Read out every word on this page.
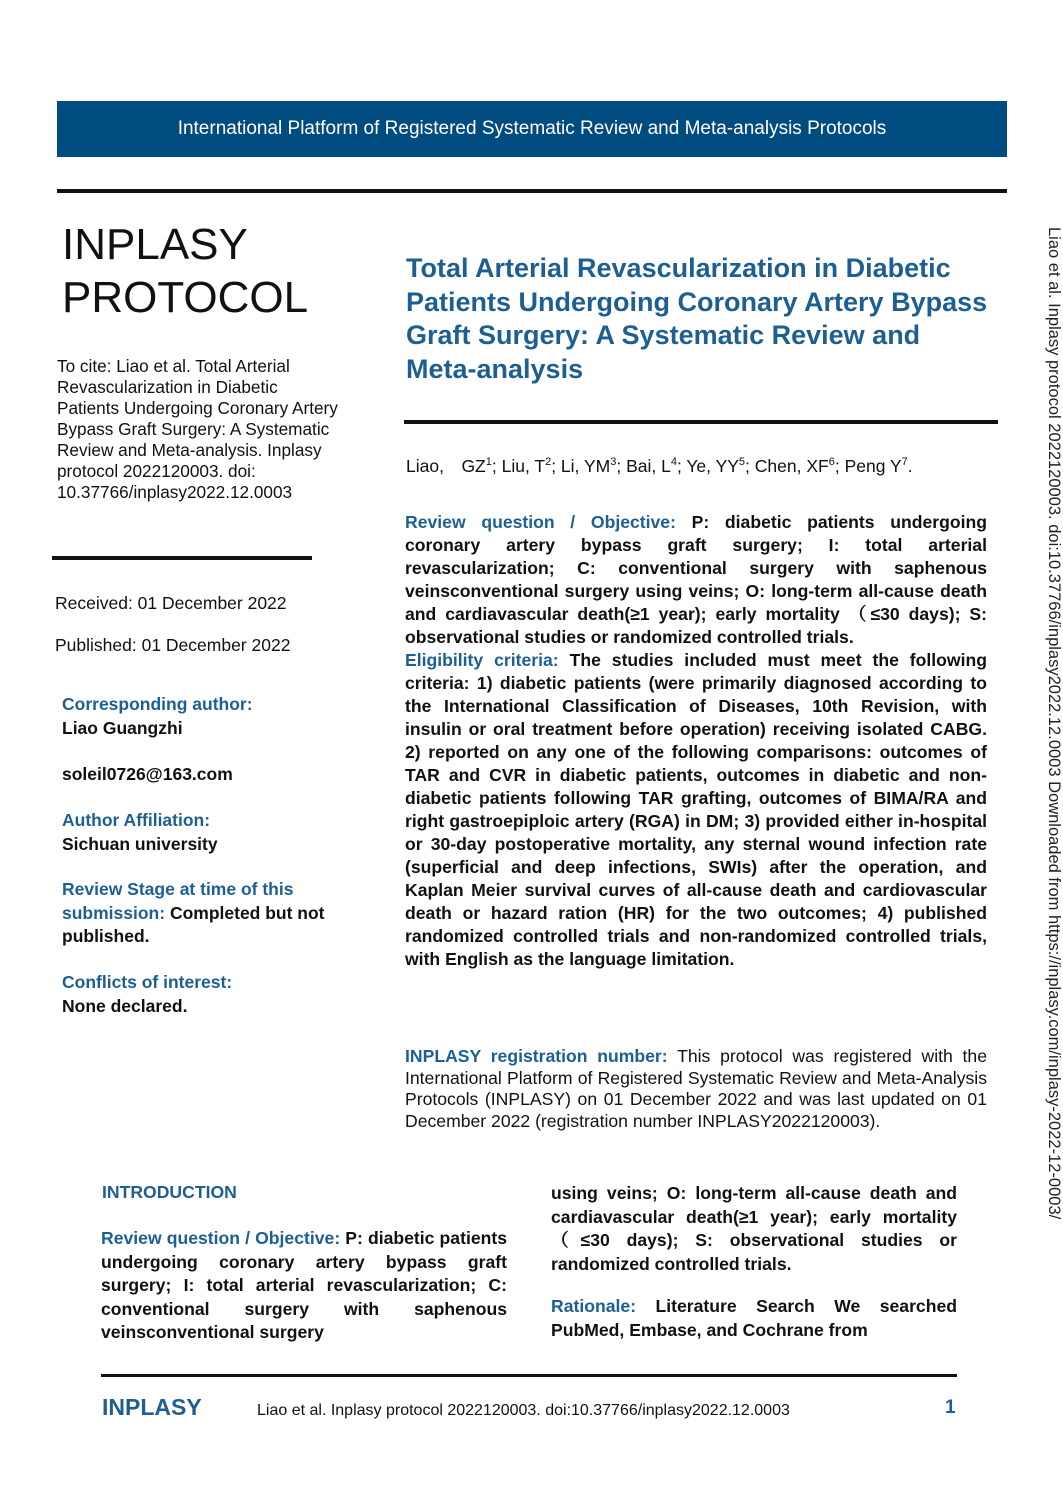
International Platform of Registered Systematic Review and Meta-analysis Protocols
INPLASY
PROTOCOL
To cite: Liao et al. Total Arterial Revascularization in Diabetic Patients Undergoing Coronary Artery Bypass Graft Surgery: A Systematic Review and Meta-analysis. Inplasy protocol 2022120003. doi: 10.37766/inplasy2022.12.0003
Received: 01 December 2022
Published: 01 December 2022
Corresponding author:
Liao Guangzhi
soleil0726@163.com
Author Affiliation:
Sichuan university
Review Stage at time of this submission: Completed but not published.
Conflicts of interest:
None declared.
Total Arterial Revascularization in Diabetic Patients Undergoing Coronary Artery Bypass Graft Surgery: A Systematic Review and Meta-analysis
Liao,　$GZ^1$; Liu, $T^2$; Li, $YM^3$; Bai, $L^4$; Ye, $YY^5$; Chen, $XF^6$; Peng $Y^7$.
Review question / Objective: P: diabetic patients undergoing coronary artery bypass graft surgery; I: total arterial revascularization; C: conventional surgery with saphenous veinsconventional surgery using veins; O: long-term all-cause death and cardiavascular death(≥1 year); early mortality （≤30 days); S: observational studies or randomized controlled trials.
Eligibility criteria: The studies included must meet the following criteria: 1) diabetic patients (were primarily diagnosed according to the International Classification of Diseases, 10th Revision, with insulin or oral treatment before operation) receiving isolated CABG. 2) reported on any one of the following comparisons: outcomes of TAR and CVR in diabetic patients, outcomes in diabetic and non-diabetic patients following TAR grafting, outcomes of BIMA/RA and right gastroepiploic artery (RGA) in DM; 3) provided either in-hospital or 30-day postoperative mortality, any sternal wound infection rate (superficial and deep infections, SWIs) after the operation, and Kaplan Meier survival curves of all-cause death and cardiovascular death or hazard ration (HR) for the two outcomes; 4) published randomized controlled trials and non-randomized controlled trials, with English as the language limitation.
INPLASY registration number: This protocol was registered with the International Platform of Registered Systematic Review and Meta-Analysis Protocols (INPLASY) on 01 December 2022 and was last updated on 01 December 2022 (registration number INPLASY2022120003).
INTRODUCTION
Review question / Objective: P: diabetic patients undergoing coronary artery bypass graft surgery; I: total arterial revascularization; C: conventional surgery with saphenous veinsconventional surgery
using veins; O: long-term all-cause death and cardiavascular death(≥1 year); early mortality （≤30 days); S: observational studies or randomized controlled trials.
Rationale: Literature Search We searched PubMed, Embase, and Cochrane from
INPLASY	Liao et al. Inplasy protocol 2022120003. doi:10.37766/inplasy2022.12.0003	1
Liao et al. Inplasy protocol 2022120003. doi:10.37766/inplasy2022.12.0003 Downloaded from https://inplasy.com/inplasy-2022-12-0003/
